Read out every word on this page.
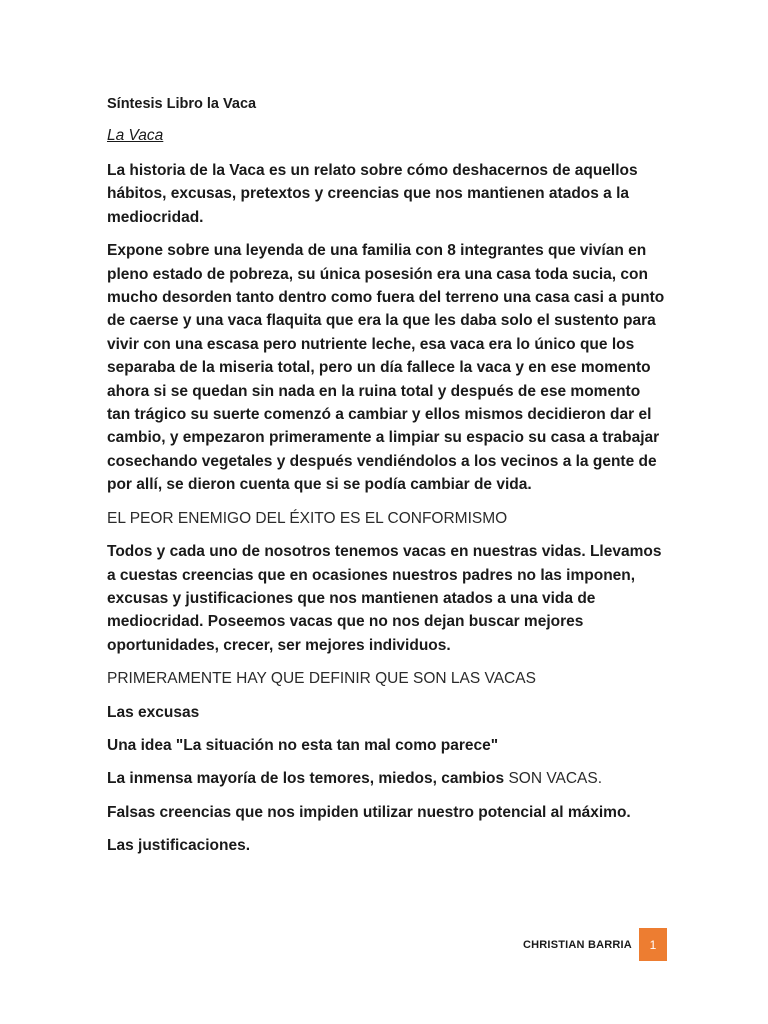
Síntesis Libro la Vaca
La Vaca

La historia de la Vaca es un relato sobre cómo deshacernos de aquellos hábitos, excusas, pretextos y creencias que nos mantienen atados a la mediocridad.

Expone sobre una leyenda de una familia con 8 integrantes que vivían en pleno estado de pobreza, su única posesión era una casa toda sucia, con mucho desorden tanto dentro como fuera del terreno una casa casi a punto de caerse y una vaca flaquita que era la que les daba solo el sustento para vivir con una escasa pero nutriente leche, esa vaca era lo único que los separaba de la miseria total, pero un día fallece la vaca y en ese momento ahora si se quedan sin nada en la ruina total y después de ese momento tan trágico su suerte comenzó a cambiar y ellos mismos decidieron dar el cambio, y empezaron primeramente a limpiar su espacio su casa a trabajar cosechando vegetales y después vendiéndolos a los vecinos a la gente de por allí, se dieron cuenta que si se podía cambiar de vida.

EL PEOR ENEMIGO DEL ÉXITO ES EL CONFORMISMO

Todos y cada uno de nosotros tenemos vacas en nuestras vidas. Llevamos a cuestas creencias que en ocasiones nuestros padres no las imponen, excusas y justificaciones que nos mantienen atados a una vida de mediocridad. Poseemos vacas que no nos dejan buscar mejores oportunidades, crecer, ser mejores individuos.

PRIMERAMENTE HAY QUE DEFINIR QUE SON LAS VACAS

Las excusas

Una idea "La situación no esta tan mal como parece"

La inmensa mayoría de los temores, miedos, cambios SON VACAS.

Falsas creencias que nos impiden utilizar nuestro potencial al máximo.

Las justificaciones.

CHRISTIAN BARRIA	1
